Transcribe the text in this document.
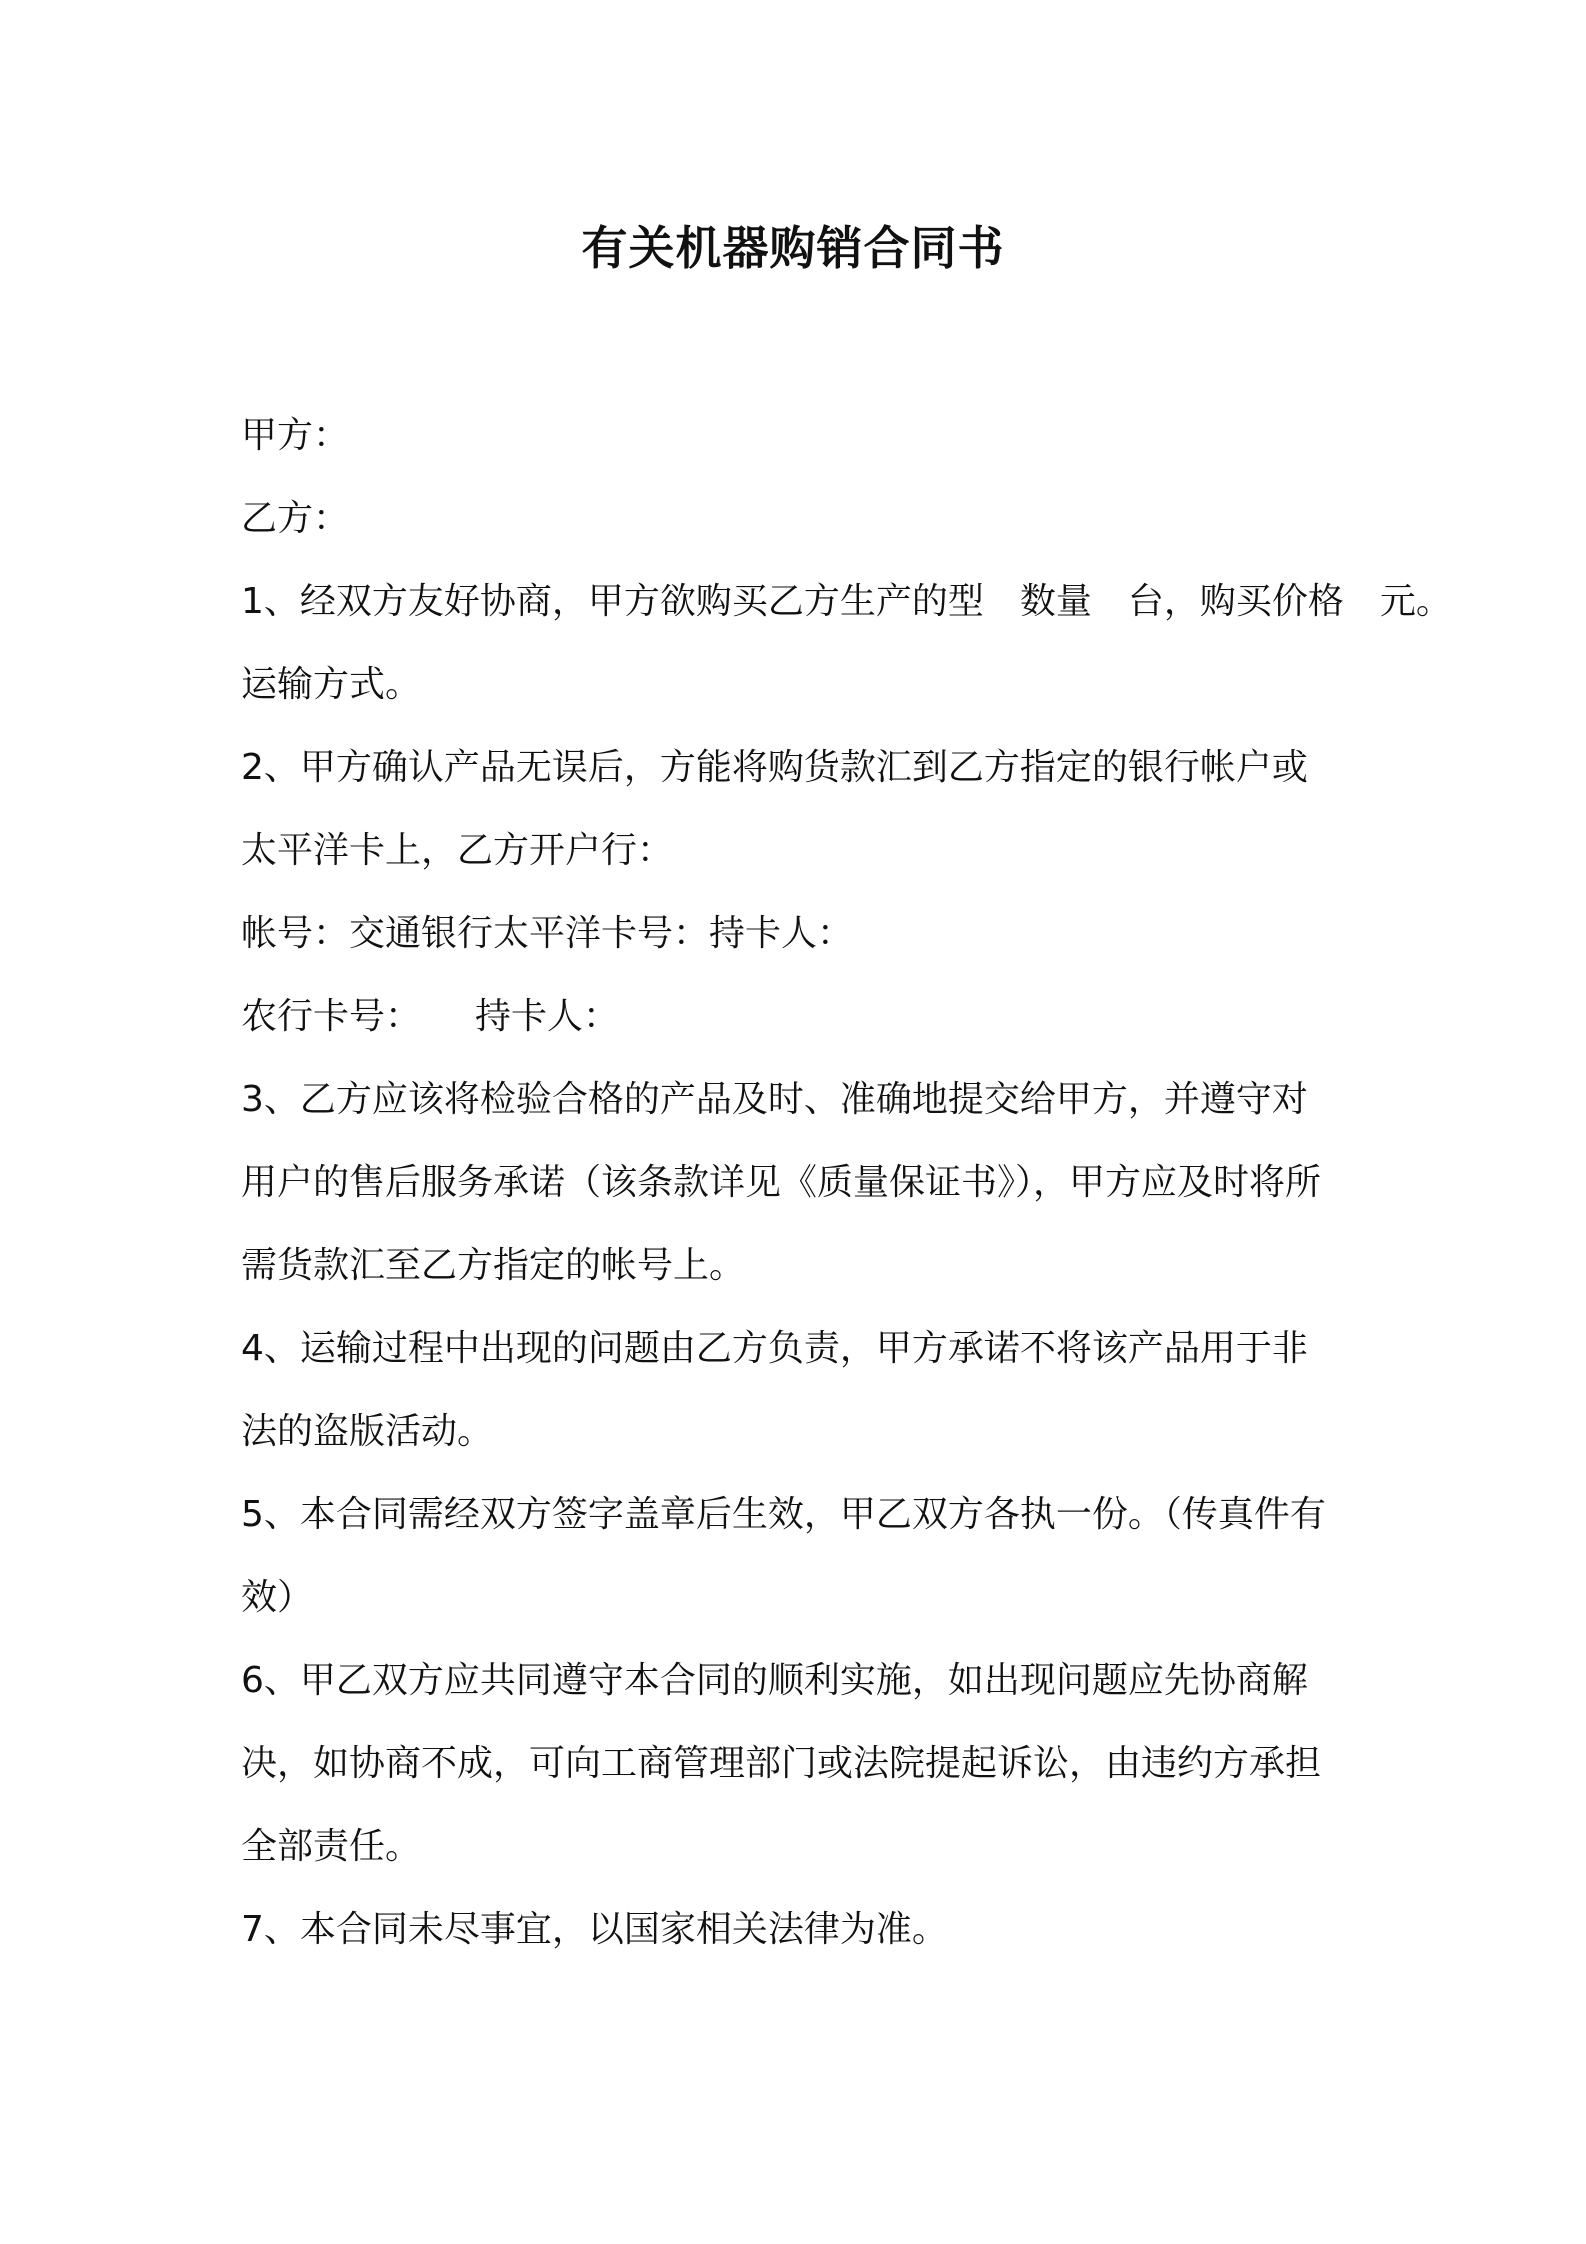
有关机器购销合同书

甲方：

乙方：

1、经双方友好协商，甲方欲购买乙方生产的型　数量　台，购买价格　元。

运输方式。

2、甲方确认产品无误后，方能将购货款汇到乙方指定的银行帐户或

太平洋卡上，乙方开户行：

帐号：交通银行太平洋卡号：持卡人：

农行卡号：　　持卡人：

3、乙方应该将检验合格的产品及时、准确地提交给甲方，并遵守对

用户的售后服务承诺（该条款详见《质量保证书》），甲方应及时将所

需货款汇至乙方指定的帐号上。

4、运输过程中出现的问题由乙方负责，甲方承诺不将该产品用于非

法的盗版活动。

5、本合同需经双方签字盖章后生效，甲乙双方各执一份。（传真件有

效）

6、甲乙双方应共同遵守本合同的顺利实施，如出现问题应先协商解

决，如协商不成，可向工商管理部门或法院提起诉讼，由违约方承担

全部责任。

7、本合同未尽事宜，以国家相关法律为准。
